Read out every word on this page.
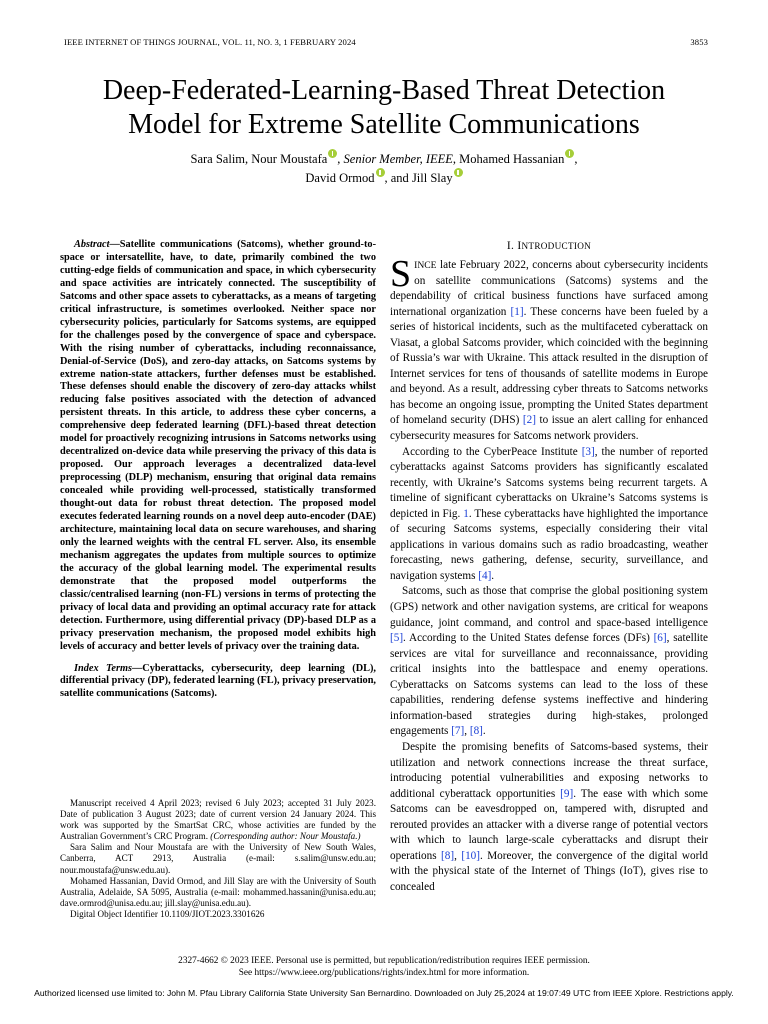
IEEE INTERNET OF THINGS JOURNAL, VOL. 11, NO. 3, 1 FEBRUARY 2024	3853
Deep-Federated-Learning-Based Threat Detection
Model for Extreme Satellite Communications
Sara Salim, Nour Moustafa , Senior Member, IEEE, Mohamed Hassanian ,
David Ormod , and Jill Slay

Abstract—Satellite communications (Satcoms), whether ground-to-space or intersatellite, have, to date, primarily combined the two cutting-edge fields of communication and space, in which cybersecurity and space activities are intricately connected. The susceptibility of Satcoms and other space assets to cyberattacks, as a means of targeting critical infrastructure, is sometimes overlooked. Neither space nor cybersecurity policies, particularly for Satcoms systems, are equipped for the challenges posed by the convergence of space and cyberspace. With the rising number of cyberattacks, including reconnaissance, Denial-of-Service (DoS), and zero-day attacks, on Satcoms systems by extreme nation-state attackers, further defenses must be established. These defenses should enable the discovery of zero-day attacks whilst reducing false positives associated with the detection of advanced persistent threats. In this article, to address these cyber concerns, a comprehensive deep federated learning (DFL)-based threat detection model for proactively recognizing intrusions in Satcoms networks using decentralized on-device data while preserving the privacy of this data is proposed. Our approach leverages a decentralized data-level preprocessing (DLP) mechanism, ensuring that original data remains concealed while providing well-processed, statistically transformed thought-out data for robust threat detection. The proposed model executes federated learning rounds on a novel deep auto-encoder (DAE) architecture, maintaining local data on secure warehouses, and sharing only the learned weights with the central FL server. Also, its ensemble mechanism aggregates the updates from multiple sources to optimize the accuracy of the global learning model. The experimental results demonstrate that the proposed model outperforms the classic/centralised learning (non-FL) versions in terms of protecting the privacy of local data and providing an optimal accuracy rate for attack detection. Furthermore, using differential privacy (DP)-based DLP as a privacy preservation mechanism, the proposed model exhibits high levels of accuracy and better levels of privacy over the training data.

Index Terms—Cyberattacks, cybersecurity, deep learning (DL), differential privacy (DP), federated learning (FL), privacy preservation, satellite communications (Satcoms).

Manuscript received 4 April 2023; revised 6 July 2023; accepted 31 July 2023. Date of publication 3 August 2023; date of current version 24 January 2024. This work was supported by the SmartSat CRC, whose activities are funded by the Australian Government’s CRC Program. (Corresponding author: Nour Moustafa.)

Sara Salim and Nour Moustafa are with the University of New South Wales, Canberra, ACT 2913, Australia (e-mail: s.salim@unsw.edu.au; nour.moustafa@unsw.edu.au).

Mohamed Hassanian, David Ormod, and Jill Slay are with the University of South Australia, Adelaide, SA 5095, Australia (e-mail: mohammed.hassanin@unisa.edu.au; dave.ormrod@unisa.edu.au; jill.slay@unisa.edu.au).

Digital Object Identifier 10.1109/JIOT.2023.3301626

I. INTRODUCTION

SINCE late February 2022, concerns about cybersecurity incidents on satellite communications (Satcoms) systems and the dependability of critical business functions have surfaced among international organization [1]. These concerns have been fueled by a series of historical incidents, such as the multifaceted cyberattack on Viasat, a global Satcoms provider, which coincided with the beginning of Russia’s war with Ukraine. This attack resulted in the disruption of Internet services for tens of thousands of satellite modems in Europe and beyond. As a result, addressing cyber threats to Satcoms networks has become an ongoing issue, prompting the United States department of homeland security (DHS) [2] to issue an alert calling for enhanced cybersecurity measures for Satcoms network providers.

According to the CyberPeace Institute [3], the number of reported cyberattacks against Satcoms providers has significantly escalated recently, with Ukraine’s Satcoms systems being recurrent targets. A timeline of significant cyberattacks on Ukraine’s Satcoms systems is depicted in Fig. 1. These cyberattacks have highlighted the importance of securing Satcoms systems, especially considering their vital applications in various domains such as radio broadcasting, weather forecasting, news gathering, defense, security, surveillance, and navigation systems [4].

Satcoms, such as those that comprise the global positioning system (GPS) network and other navigation systems, are critical for weapons guidance, joint command, and control and space-based intelligence [5]. According to the United States defense forces (DFs) [6], satellite services are vital for surveillance and reconnaissance, providing critical insights into the battlespace and enemy operations. Cyberattacks on Satcoms systems can lead to the loss of these capabilities, rendering defense systems ineffective and hindering information-based strategies during high-stakes, prolonged engagements [7], [8].

Despite the promising benefits of Satcoms-based systems, their utilization and network connections increase the threat surface, introducing potential vulnerabilities and exposing networks to additional cyberattack opportunities [9]. The ease with which some Satcoms can be eavesdropped on, tampered with, disrupted and rerouted provides an attacker with a diverse range of potential vectors with which to launch large-scale cyberattacks and disrupt their operations [8], [10]. Moreover, the convergence of the digital world with the physical state of the Internet of Things (IoT), gives rise to concealed

2327-4662 © 2023 IEEE. Personal use is permitted, but republication/redistribution requires IEEE permission.
See https://www.ieee.org/publications/rights/index.html for more information.
Authorized licensed use limited to: John M. Pfau Library California State University San Bernardino. Downloaded on July 25,2024 at 19:07:49 UTC from IEEE Xplore. Restrictions apply.
